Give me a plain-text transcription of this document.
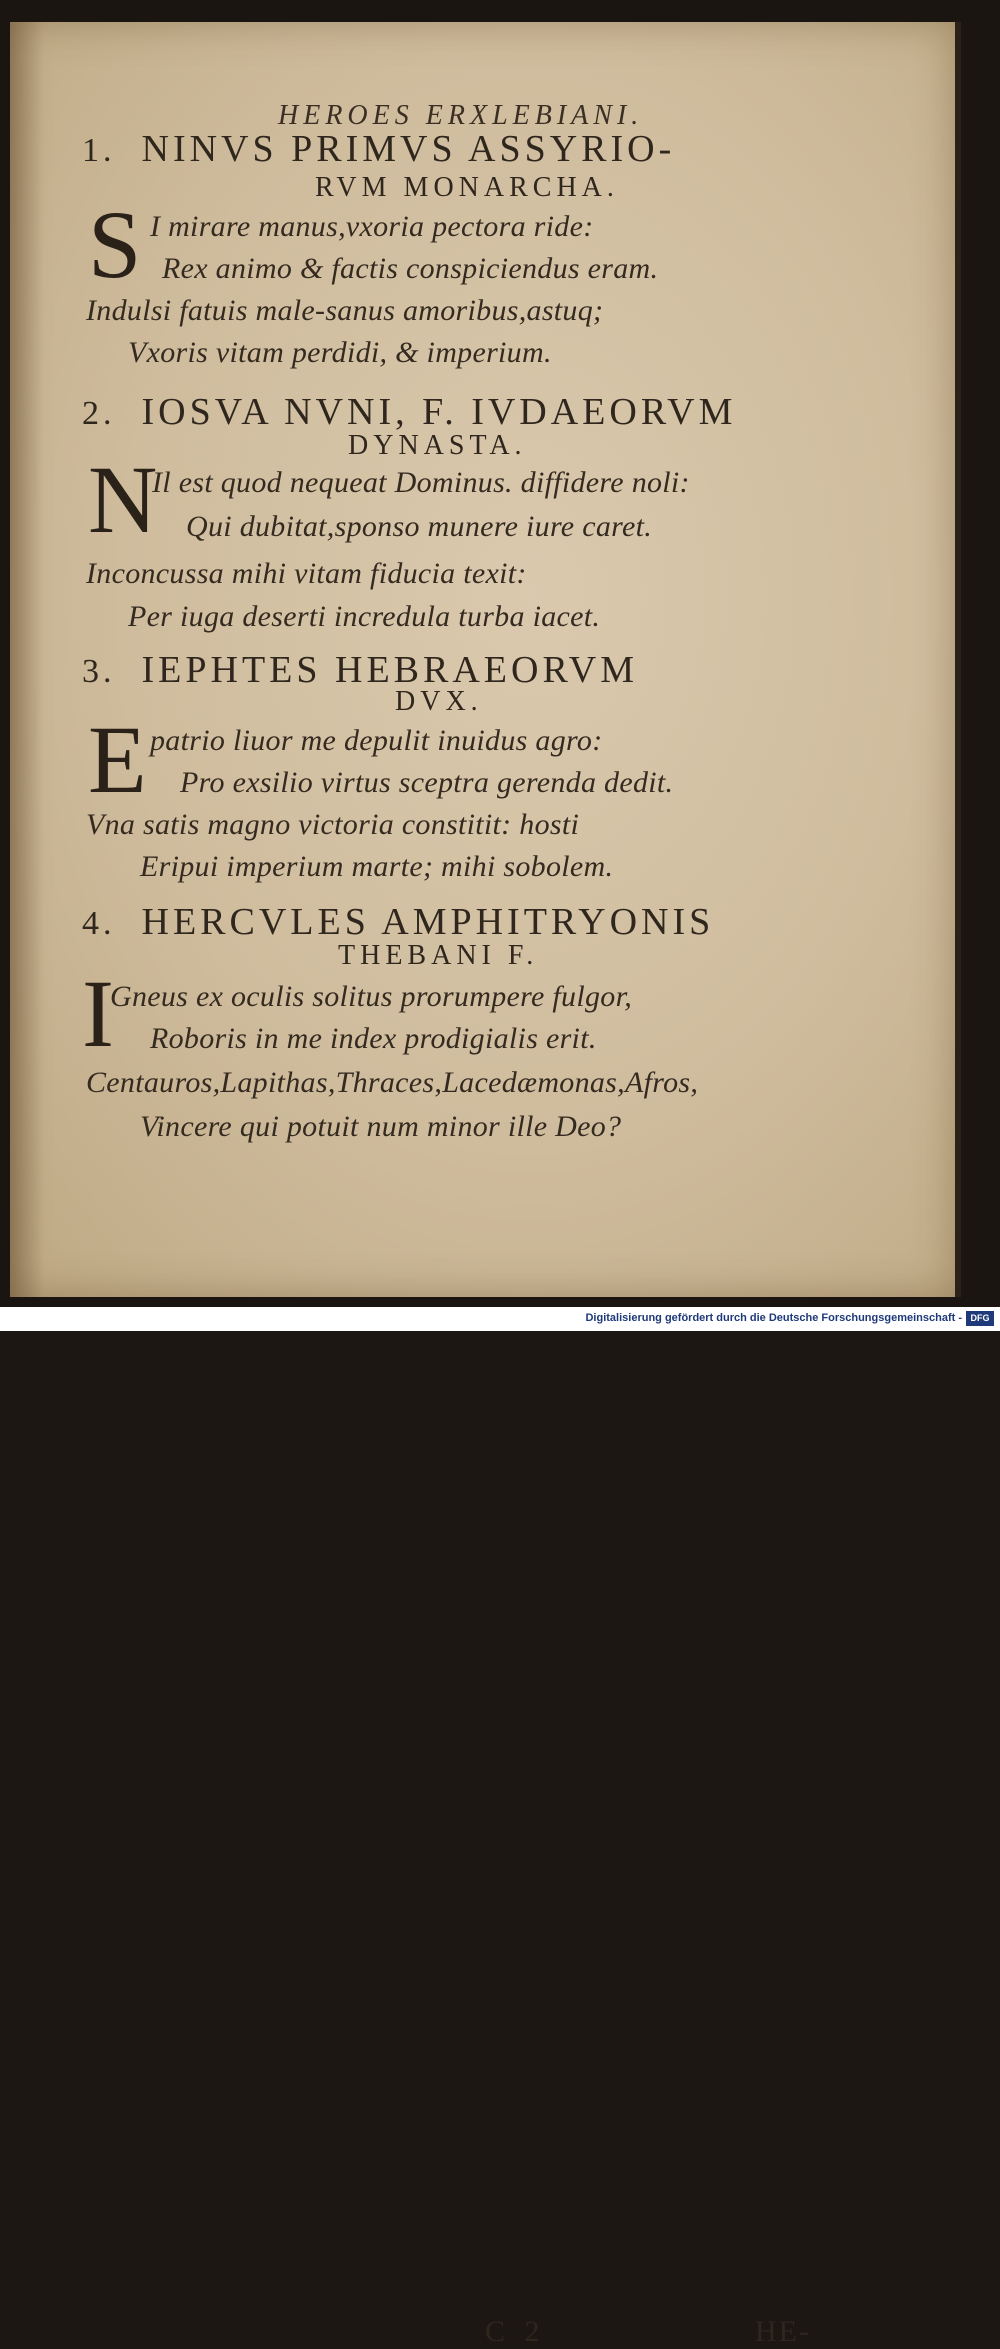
HEROES ERXLEBIANI.
1. NINVS PRIMVS ASSYRIO-
RVM MONARCHA.
S I mirare manus,vxoria pectora ride:
Rex animo & factis conspiciendus eram.
Indulsi fatuis male-sanus amoribus,astuq;
Vxoris vitam perdidi, & imperium.
2. IOSVA NVNI, F. IVDAEORVM
DYNASTA.
N
Il est quod nequeat Dominus. diffidere noli:
Qui dubitat,sponso munere iure caret.
Inconcussa mihi vitam fiducia texit:
Per iuga deserti incredula turba iacet.
3. IEPHTES HEBRAEORVM
DVX.
E patrio liuor me depulit inuidus agro:
Pro exsilio virtus sceptra gerenda dedit.
Vna satis magno victoria constitit: hosti
Eripui imperium marte; mihi sobolem.
4. HERCVLES AMPHITRYONIS
THEBANI F.
I
Gneus ex oculis solitus prorumpere fulgor,
Roboris in me index prodigialis erit.
Centauros,Lapithas,Thraces,Lacedæmonas,Afros,
Vincere qui potuit num minor ille Deo?
C 2	HE-
Digitalisierung gefördert durch die Deutsche Forschungsgemeinschaft - DFG
